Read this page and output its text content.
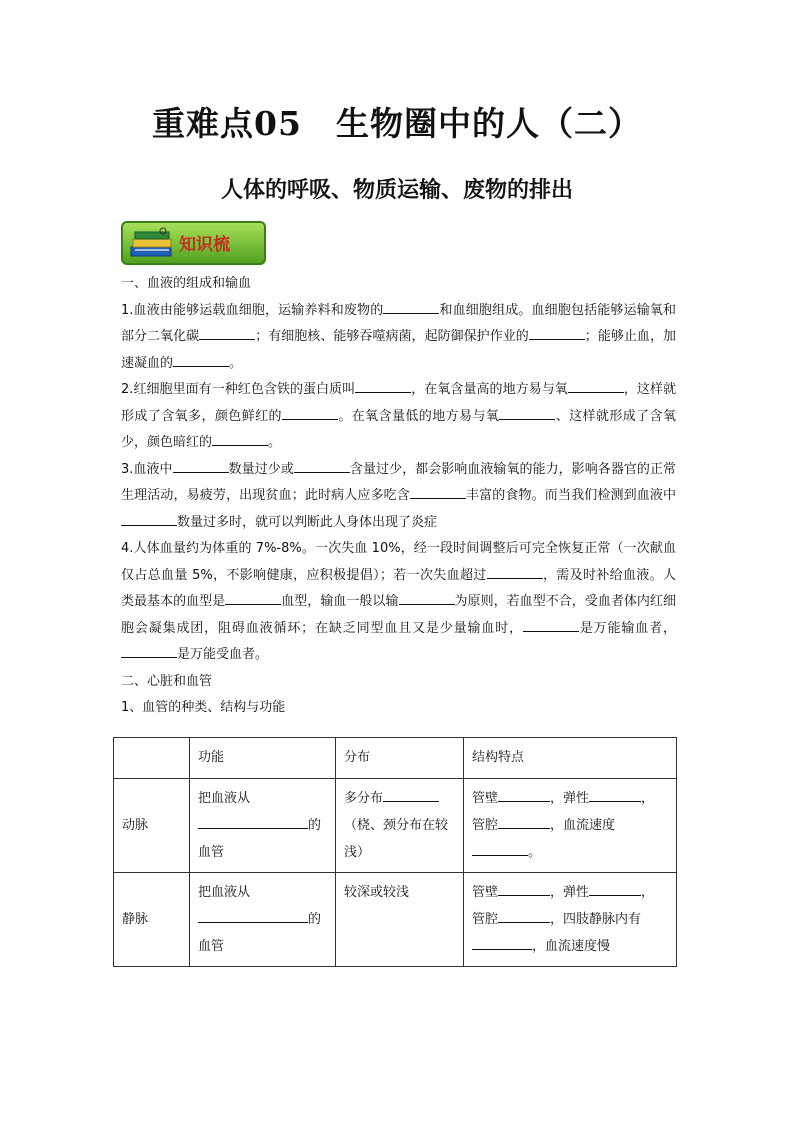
重难点05　生物圈中的人（二）
人体的呼吸、物质运输、废物的排出
知识梳

一、血液的组成和输血

1.血液由能够运载血细胞，运输养料和废物的	和血细胞组成。血细胞包括能够运输氧和部分二氧化碳	；有细胞核、能够吞噬病菌，起防御保护作业的	；能够止血，加速凝血的	。

2.红细胞里面有一种红色含铁的蛋白质叫	，在氧含量高的地方易与氧	，这样就形成了含氧多，颜色鲜红的	。在氧含量低的地方易与氧	、这样就形成了含氧少，颜色暗红的	。

3.血液中	数量过少或	含量过少，都会影响血液输氧的能力，影响各器官的正常生理活动，易疲劳，出现贫血；此时病人应多吃含	丰富的食物。而当我们检测到血液中数量过多时，就可以判断此人身体出现了炎症

4.人体血量约为体重的 7%-8%。一次失血 10%，经一段时间调整后可完全恢复正常（一次献血仅占总血量 5%，不影响健康，应积极提倡）；若一次失血超过	，需及时补给血液。人类最基本的血型是	血型，输血一般以输	为原则，若血型不合，受血者体内红细胞会凝集成团，阻碍血液循环；在缺乏同型血且又是少量输血时，	是万能输血者，是万能受血者。

二、心脏和血管

1、血管的种类、结构与功能

	功能	分布	结构特点
动脉	把血液从
的
血管	多分布（桡、颈分布在较浅）	管壁 ，弹性 ，
管腔 ，血流速度
。
静脉	把血液从
的
血管	较深或较浅	管壁 ，弹性 ，
管腔 ，四肢静脉内有
，血流速度慢
